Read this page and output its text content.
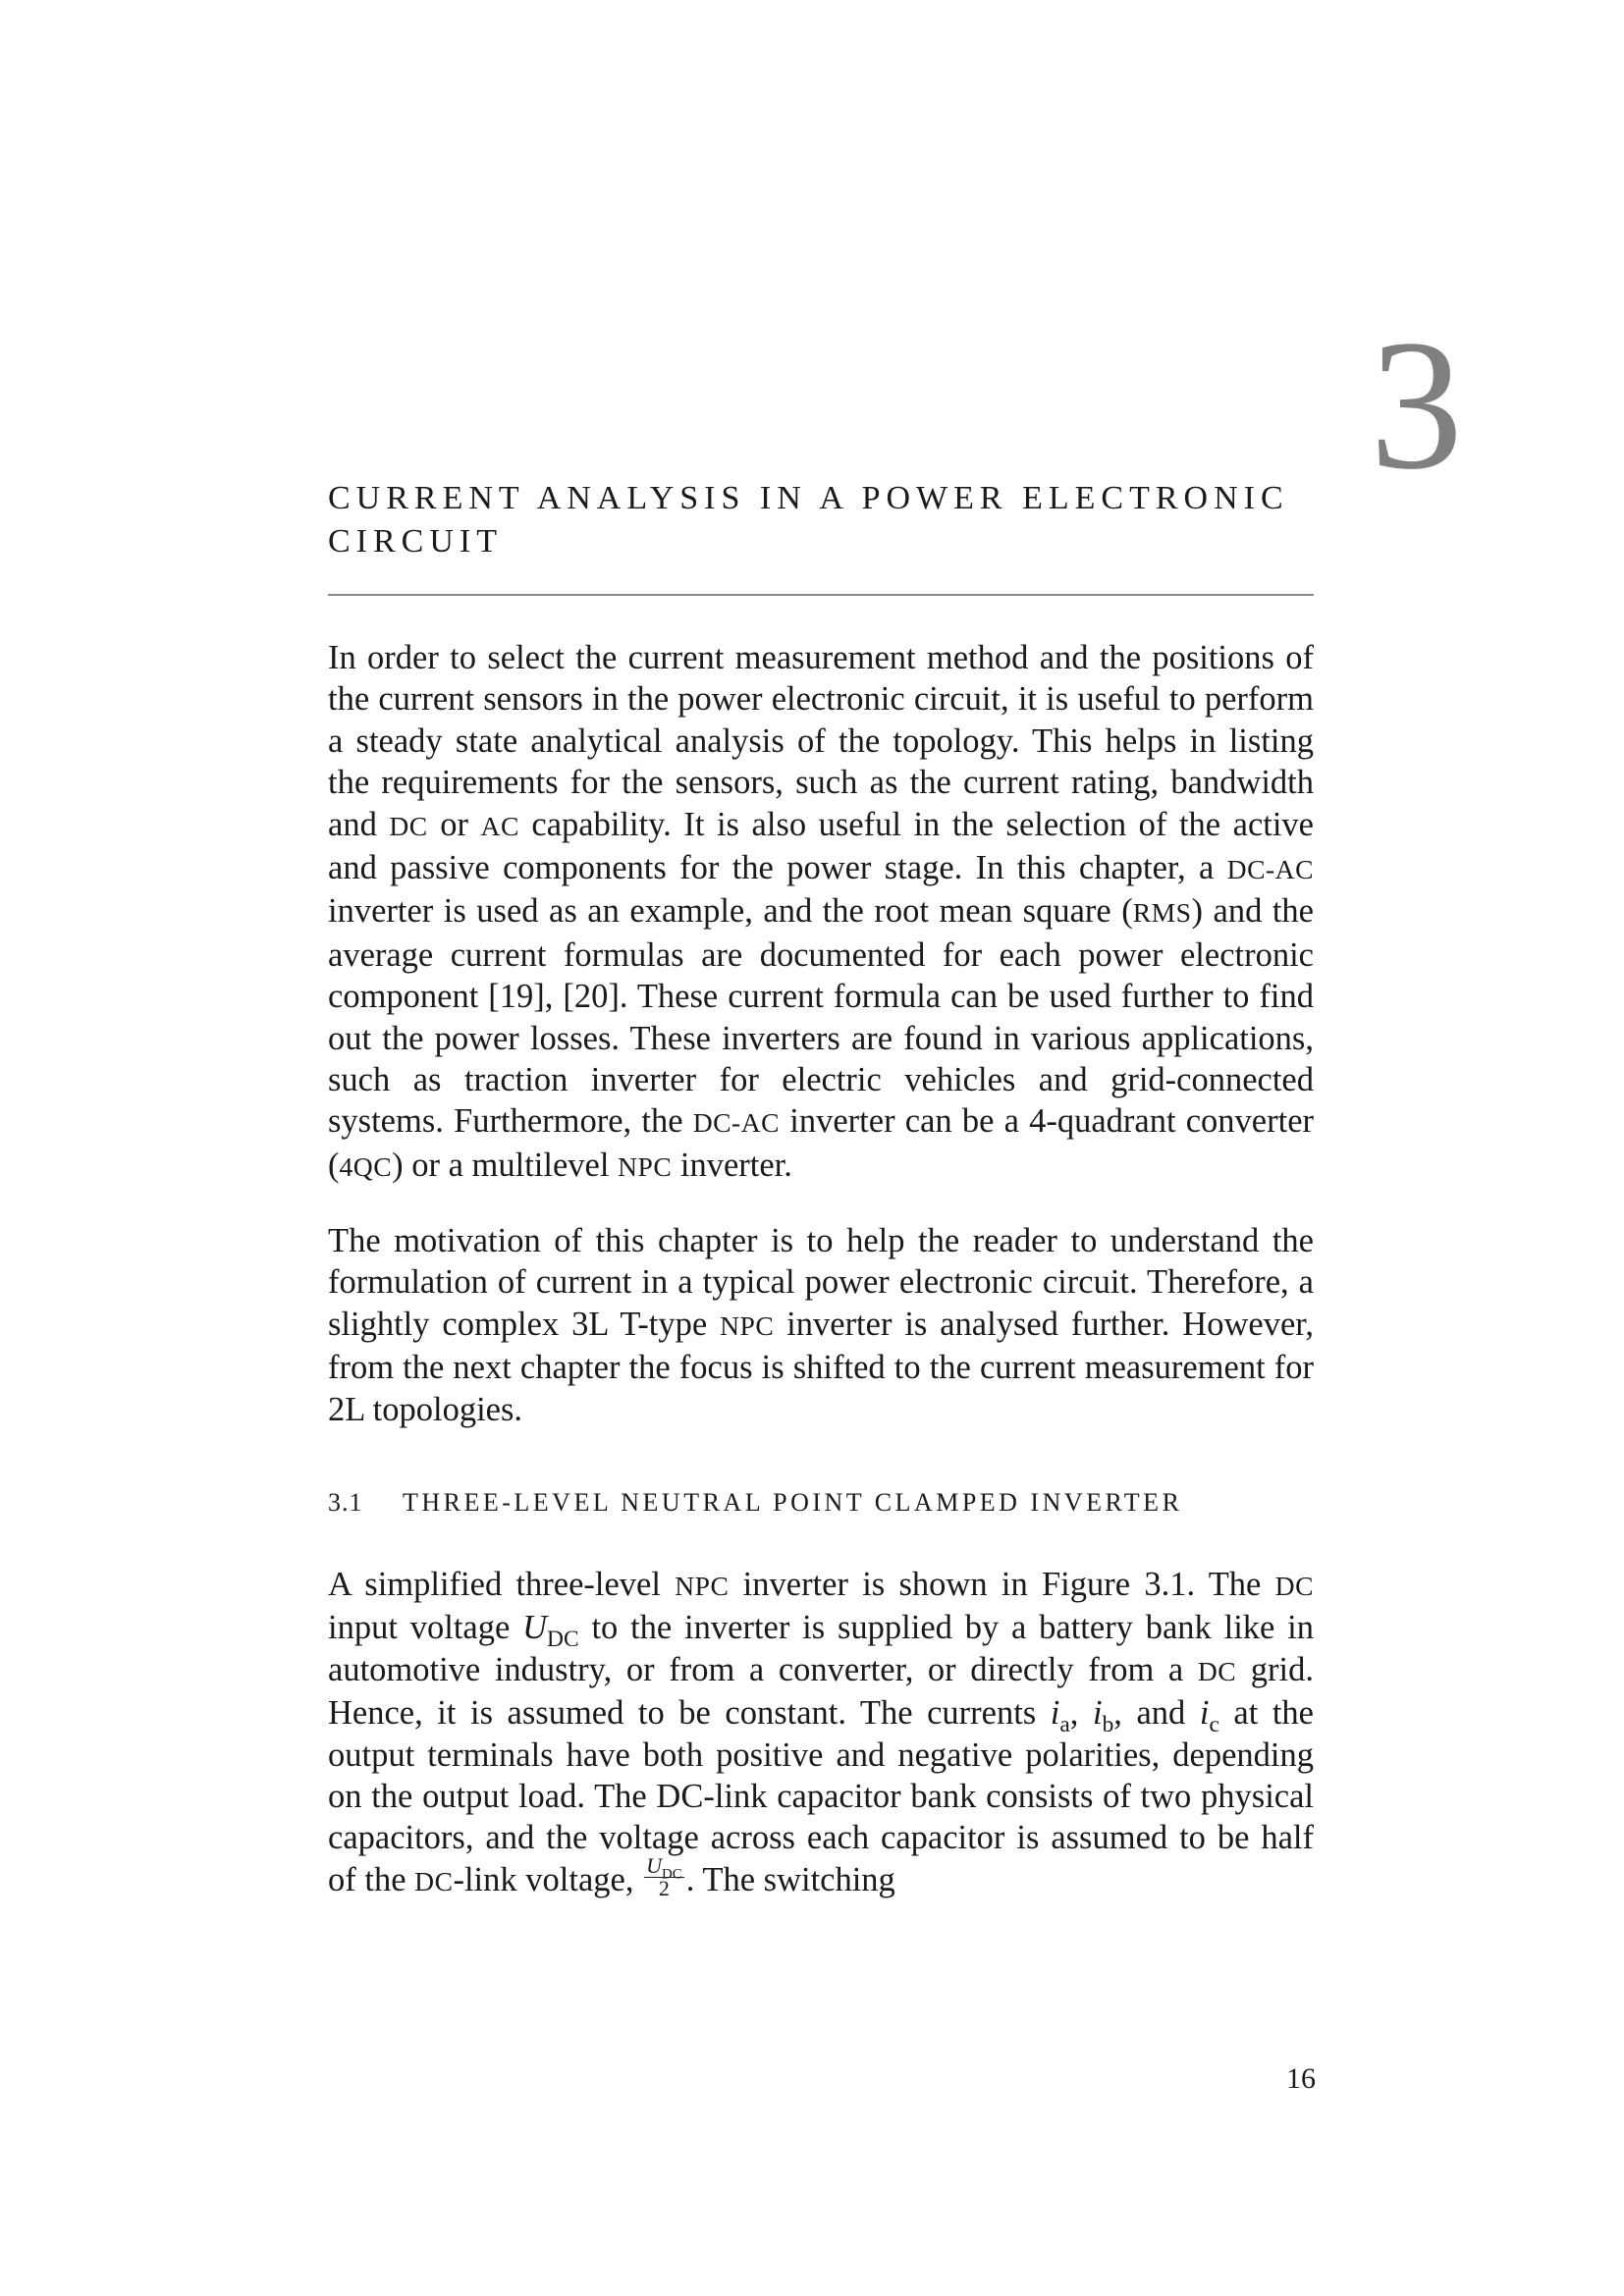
3
CURRENT ANALYSIS IN A POWER ELECTRONIC CIRCUIT

In order to select the current measurement method and the positions of the current sensors in the power electronic circuit, it is useful to perform a steady state analytical analysis of the topology. This helps in listing the requirements for the sensors, such as the current rating, bandwidth and DC or AC capability. It is also useful in the selection of the active and passive components for the power stage. In this chapter, a DC-AC inverter is used as an example, and the root mean square (RMS) and the average current formulas are documented for each power electronic component [19], [20]. These current formula can be used further to find out the power losses. These inverters are found in various applications, such as traction inverter for electric vehicles and grid-connected systems. Furthermore, the DC-AC inverter can be a 4-quadrant converter (4QC) or a multilevel NPC inverter.

The motivation of this chapter is to help the reader to understand the formulation of current in a typical power electronic circuit. Therefore, a slightly complex 3L T-type NPC inverter is analysed further. However, from the next chapter the focus is shifted to the current measurement for 2L topologies.

3.1 THREE-LEVEL NEUTRAL POINT CLAMPED INVERTER

A simplified three-level NPC inverter is shown in Figure 3.1. The DC input voltage $U_{DC}$ to the inverter is supplied by a battery bank like in automotive industry, or from a converter, or directly from a DC grid. Hence, it is assumed to be constant. The currents $i_a$, $i_b$, and $i_c$ at the output terminals have both positive and negative polarities, depending on the output load. The DC-link capacitor bank consists of two physical capacitors, and the voltage across each capacitor is assumed to be half of the DC-link voltage, $\frac{U_{DC}}{2}$ . The switching

16
